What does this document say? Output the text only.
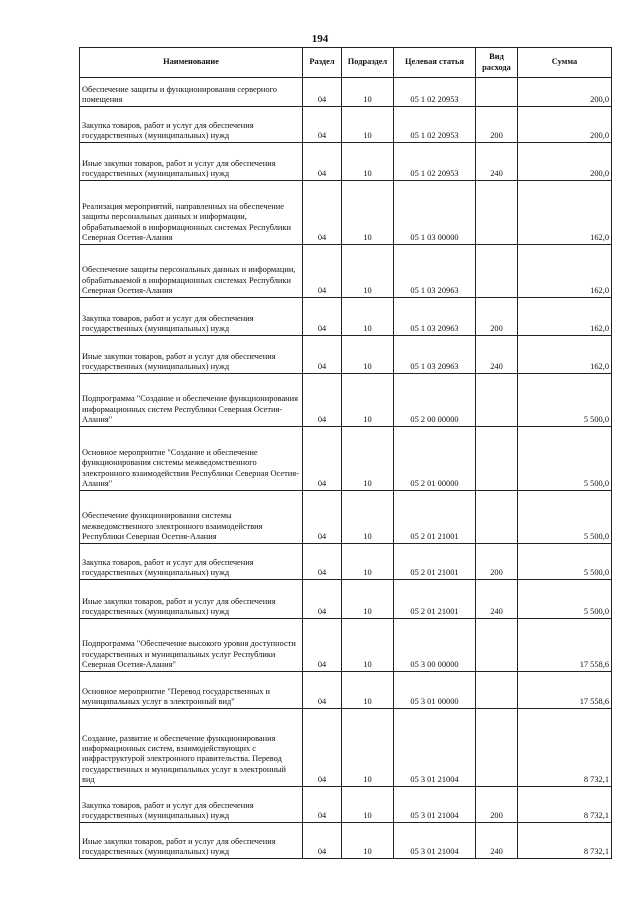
194
Наименование	Раздел	Подраздел	Целевая статья	Вид расхода	Сумма
Обеспечение защиты и функционирования серверного помещения	04	10	05 1 02 20953		200,0
Закупка товаров, работ и услуг для обеспечения государственных (муниципальных) нужд	04	10	05 1 02 20953	200	200,0
Иные закупки товаров, работ и услуг для обеспечения государственных (муниципальных) нужд	04	10	05 1 02 20953	240	200,0
Реализация мероприятий, направленных на обеспечение защиты персональных данных и информации, обрабатываемой в информационных системах Республики Северная Осетия-Алания	04	10	05 1 03 00000		162,0
Обеспечение защиты персональных данных и информации, обрабатываемой в информационных системах Республики Северная Осетия-Алания	04	10	05 1 03 20963		162,0
Закупка товаров, работ и услуг для обеспечения государственных (муниципальных) нужд	04	10	05 1 03 20963	200	162,0
Иные закупки товаров, работ и услуг для обеспечения государственных (муниципальных) нужд	04	10	05 1 03 20963	240	162,0
Подпрограмма "Создание и обеспечение функционирования информационных систем Республики Северная Осетия-Алания"	04	10	05 2 00 00000		5 500,0
Основное мероприятие "Создание и обеспечение функционирования системы межведомственного электронного взаимодействия Республики Северная Осетия-Алания"	04	10	05 2 01 00000		5 500,0
Обеспечение функционирования системы межведомственного электронного взаимодействия Республики Северная Осетия-Алания	04	10	05 2 01 21001		5 500,0
Закупка товаров, работ и услуг для обеспечения государственных (муниципальных) нужд	04	10	05 2 01 21001	200	5 500,0
Иные закупки товаров, работ и услуг для обеспечения государственных (муниципальных) нужд	04	10	05 2 01 21001	240	5 500,0
Подпрограмма "Обеспечение высокого уровня доступности государственных и муниципальных услуг Республики Северная Осетия-Алания"	04	10	05 3 00 00000		17 558,6
Основное мероприятие "Перевод государственных и муниципальных услуг в электронный вид"	04	10	05 3 01 00000		17 558,6
Создание, развитие и обеспечение функционирования информационных систем, взаимодействующих с инфраструктурой электронного правительства. Перевод государственных и муниципальных услуг в электронный вид	04	10	05 3 01 21004		8 732,1
Закупка товаров, работ и услуг для обеспечения государственных (муниципальных) нужд	04	10	05 3 01 21004	200	8 732,1
Иные закупки товаров, работ и услуг для обеспечения государственных (муниципальных) нужд	04	10	05 3 01 21004	240	8 732,1
